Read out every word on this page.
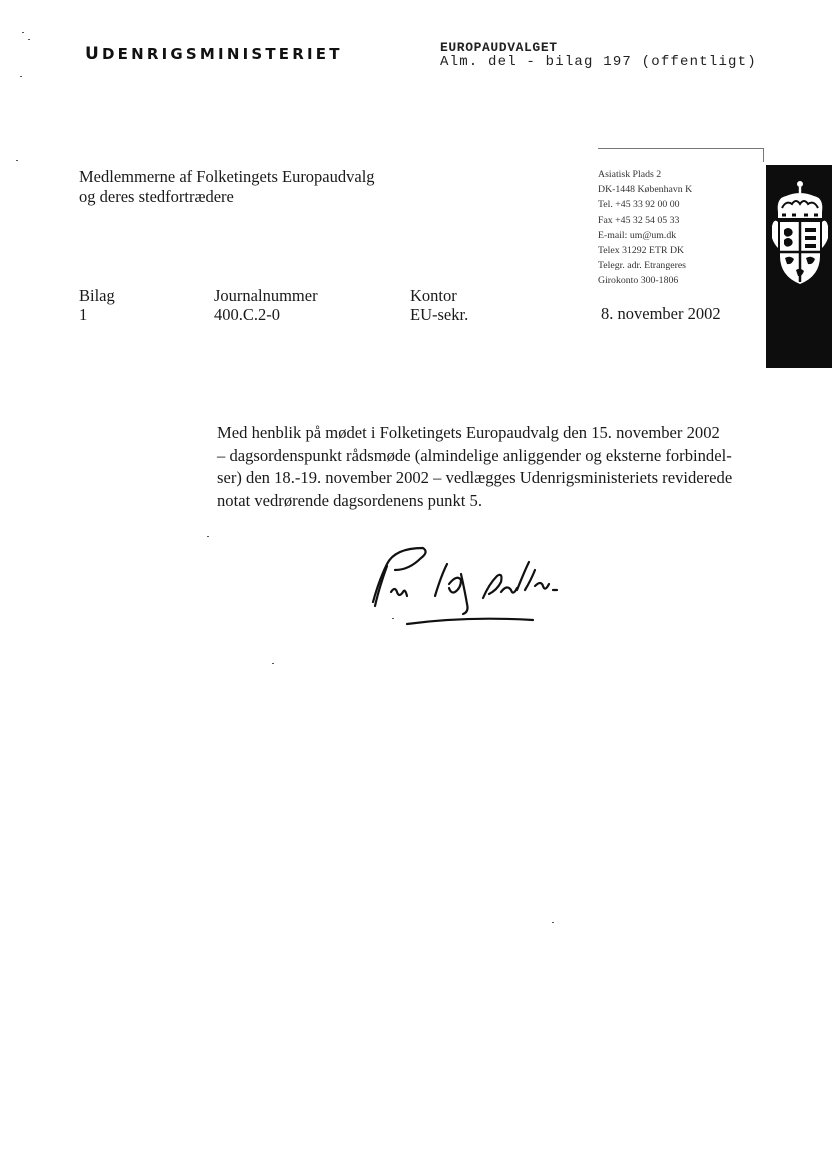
UDENRIGSMINISTERIET	EUROPAUDVALGET
Alm. del - bilag 197 (offentligt)
Medlemmerne af Folketingets Europaudvalg
og deres stedfortrædere
Asiatisk Plads 2
DK-1448 København K
Tel. +45 33 92 00 00
Fax +45 32 54 05 33
E-mail: um@um.dk
Telex 31292 ETR DK
Telegr. adr. Etrangeres
Girokonto 300-1806
Bilag
1
Journalnummer
400.C.2-0
Kontor
EU-sekr.	8. november 2002
Med henblik på mødet i Folketingets Europaudvalg den 15. november 2002
– dagsordenspunkt rådsmøde (almindelige anliggender og eksterne forbindel-
ser) den 18.-19. november 2002 – vedlægges Udenrigsministeriets reviderede
notat vedrørende dagsordenens punkt 5.
